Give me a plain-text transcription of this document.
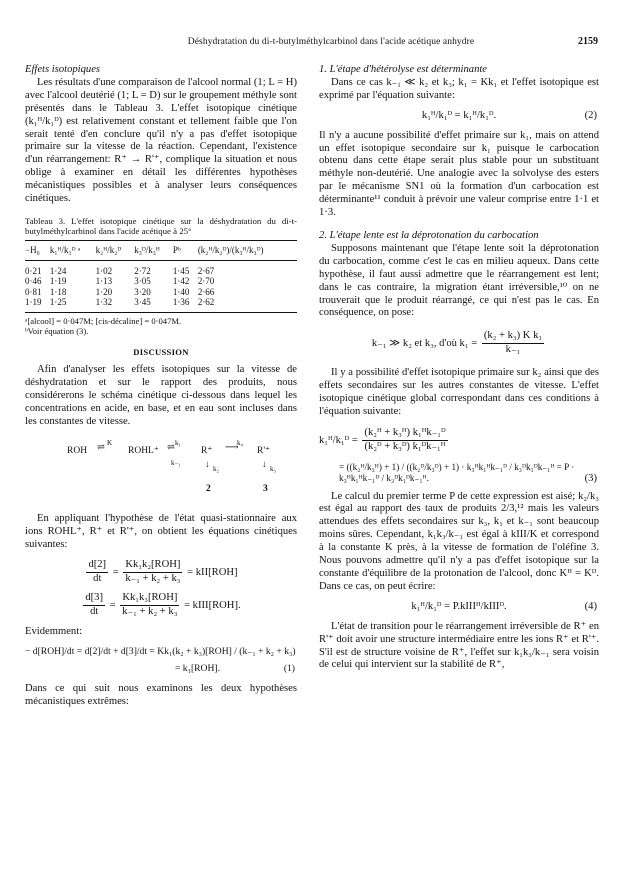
Déshydratation du di-t-butylméthylcarbinol dans l'acide acétique anhydre	2159
Effets isotopiques

Les résultats d'une comparaison de l'alcool normal (1; L = H) avec l'alcool deutérié (1; L = D) sur le groupement méthyle sont présentés dans le Tableau 3. L'effet isotopique cinétique (k₁ᴴ/k₁ᴰ) est relativement constant et tellement faible que l'on serait tenté d'en conclure qu'il n'y a pas d'effet isotopique primaire sur la vitesse de la réaction. Cependant, l'existence d'un réarrangement: R⁺ → R'⁺, complique la situation et nous oblige à examiner en détail les différentes hypothèses mécanistiques possibles et à analyser leurs conséquences cinétiques.

Tableau 3. L'effet isotopique cinétique sur la déshydratation du di-t-butylméthylcarbinol dans l'acide acétique à 25°

−H₀	k₁ᴴ/k₁ᴰ ᵃ	k₂ᴴ/k₂ᴰ	k₃ᴰ/k₃ᴴ	Pᵇ	(k₂ᴴ/k₂ᴰ)/(k₃ᴴ/k₃ᴰ)
0·21	1·24	1·02	2·72	1·45	2·67
0·46	1·19	1·13	3·05	1·42	2·70
0·81	1·18	1·20	3·20	1·40	2·66
1·19	1·25	1·32	3·45	1·36	2·62
ᵃ[alcool] = 0·047M; [cis-décaline] = 0·047M.
ᵇVoir équation (3).
DISCUSSION

Afin d'analyser les effets isotopiques sur la vitesse de déshydratation et sur le rapport des produits, nous considérerons le schéma cinétique ci-dessous dans lequel les concentrations en acide, en base, et en eau sont incluses dans les constantes de vitesse.

ROH
K
⇌ ROHL⁺
k₁
⇌
k₋₁
R⁺
k₄
⟶ R'⁺
↓ k₂	↓ k₃
2	3

En appliquant l'hypothèse de l'état quasi-stationnaire aux ions ROHL⁺, R⁺ et R'⁺, on obtient les équations cinétiques suivantes:

$\frac{d[2]}{dt} = \frac{\text{Kk₁k₂[ROH]}}{\text{k₋₁ + k₂ + k₃}} = kII[ROH]$
$\frac{d[3]}{dt} = \frac{\text{Kk₁k₃[ROH]}}{\text{k₋₁ + k₂ + k₃}}$ = kIII[ROH].

Evidemment:

− d[ROH]/dt = d[2]/dt + d[3]/dt = Kk₁(k₂ + k₃)[ROH] / (k₋₁ + k₂ + k₃)
= k₁[ROH].	(1)

Dans ce qui suit nous examinons les deux hypothèses mécanistiques extrêmes:

1. L'étape d'hétérolyse est déterminante

Dans ce cas k₋₁ ≪ k₂ et k₃; k₁ = Kk₁ et l'effet isotopique est exprimé par l'équation suivante:

k₁ᴴ/k₁ᴰ = k₁ᴴ/k₁ᴰ.	(2)

Il n'y a aucune possibilité d'effet primaire sur k₁, mais on attend un effet isotopique secondaire sur k₁ puisque le carbocation obtenu dans cette étape serait plus stable pour un substituant méthyle non-deutérié. Une analogie avec la solvolyse des esters par le mécanisme SN1 où la formation d'un carbocation est déterminante¹¹ conduit à prévoir une valeur comprise entre 1·1 et 1·3.

2. L'étape lente est la déprotonation du carbocation

Supposons maintenant que l'étape lente soit la déprotonation du carbocation, comme c'est le cas en milieu aqueux. Dans cette hypothèse, il faut aussi admettre que le réarrangement est lent; dans le cas contraire, la migration étant irréversible,¹⁰ on ne trouverait que le produit réarrangé, ce qui n'est pas le cas. En conséquence, on pose:

k₋₁ ≫ k₂ et k₃, d'où $k_1 = \frac{\text{(k₂ + k₃) K k₁}}{\text{k₋₁}}$

Il y a possibilité d'effet isotopique primaire sur k₂ ainsi que des effets secondaires sur les autres constantes de vitesse. L'effet isotopique cinétique global correspondant dans ces conditions à l'équation suivante:

k₁ᴴ/k₁ᴰ = $\frac{\text{(k₂ᴴ + k₃ᴴ) k₁ᴴk₋₁ᴰ}}{\text{(k₂ᴰ + k₃ᴰ) k₁ᴰk₋₁ᴴ}}$
= ((k₂ᴴ/k₃ᴴ) + 1) / ((k₂ᴰ/k₃ᴰ) + 1) · k₃ᴴk₁ᴴk₋₁ᴰ / k₃ᴰk₁ᴰk₋₁ᴴ = P · k₃ᴴk₁ᴴk₋₁ᴰ / k₃ᴰk₁ᴰk₋₁ᴴ.	(3)

Le calcul du premier terme P de cette expression est aisé; k₂/k₃ est égal au rapport des taux de produits 2/3,¹² mais les valeurs attendues des effets secondaires sur k₃, k₁ et k₋₁ sont beaucoup moins sûres. Cependant, k₁k₃/k₋₁ est égal à kIII/K et correspond à la constante K près, à la vitesse de formation de l'oléfine 3. Nous pouvons admettre qu'il n'y a pas d'effet isotopique sur la constante d'équilibre de la protonation de l'alcool, donc Kᴴ = Kᴰ. Dans ce cas, on peut écrire:

k₁ᴴ/k₁ᴰ = P.kIIIᴴ/kIIIᴰ.	(4)

L'état de transition pour le réarrangement irréversible de R⁺ en R'⁺ doit avoir une structure intermédiaire entre les ions R⁺ et R'⁺. S'il est de structure voisine de R⁺, l'effet sur k₁k₃/k₋₁ sera voisin de celui qui intervient sur la stabilité de R⁺,
